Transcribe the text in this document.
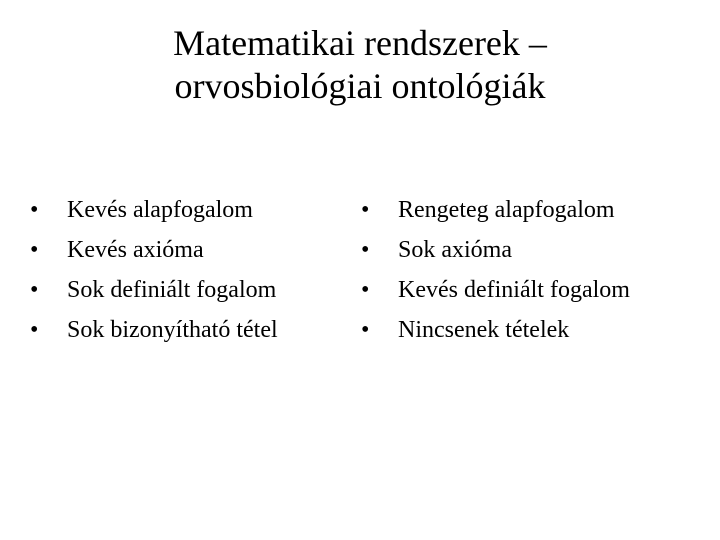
Matematikai rendszerek –
orvosbiológiai ontológiák
• Kevés alapfogalom
• Kevés axióma
• Sok definiált fogalom
• Sok bizonyítható tétel
• Rengeteg alapfogalom
• Sok axióma
• Kevés definiált fogalom
• Nincsenek tételek
